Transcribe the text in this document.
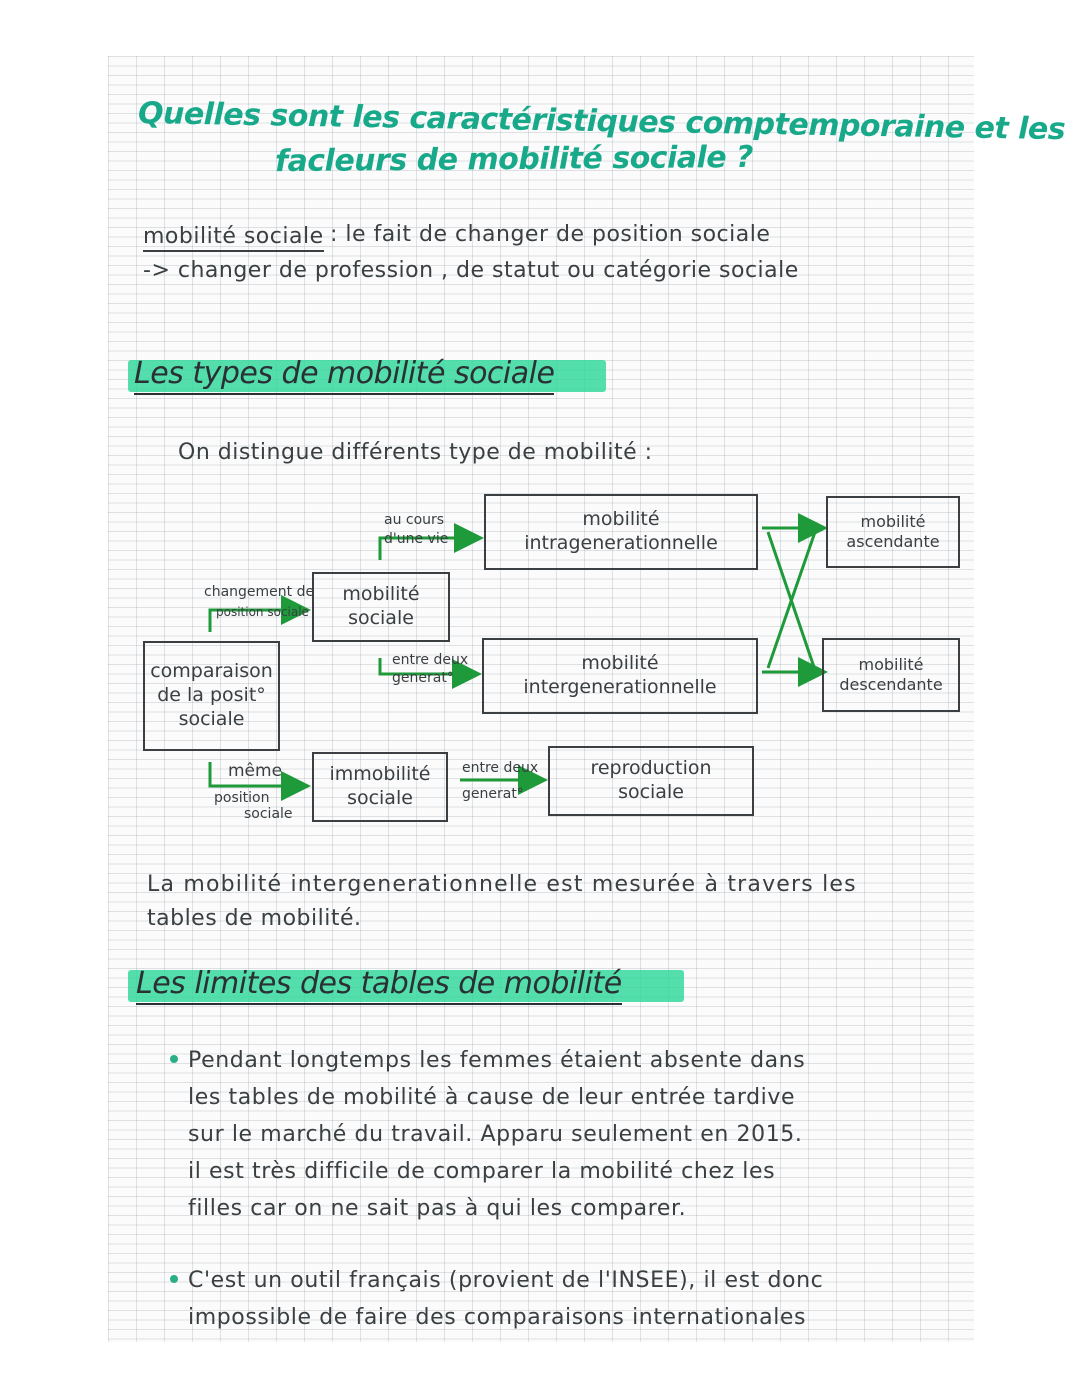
Quelles sont les caractéristiques comptemporaine et les
facleurs de mobilité sociale ?
mobilité sociale : le fait de changer de position sociale
-> changer de profession , de statut ou catégorie sociale
Les types de mobilité sociale
On distingue différents type de mobilité :
comparaison
de la posit°
sociale
mobilité
sociale
mobilité
intragenerationnelle
mobilité
intergenerationnelle
immobilité
sociale
reproduction
sociale
mobilité
ascendante
mobilité
descendante
changement de
position sociale
au cours
d'une vie
entre deux
generat°
même
position
sociale
entre deux
generat°
La mobilité intergenerationnelle est mesurée à travers les
tables de mobilité.
Les limites des tables de mobilité
Pendant longtemps les femmes étaient absente dans
les tables de mobilité à cause de leur entrée tardive
sur le marché du travail. Apparu seulement en 2015.
il est très difficile de comparer la mobilité chez les
filles car on ne sait pas à qui les comparer.
C'est un outil français (provient de l'INSEE), il est donc
impossible de faire des comparaisons internationales
